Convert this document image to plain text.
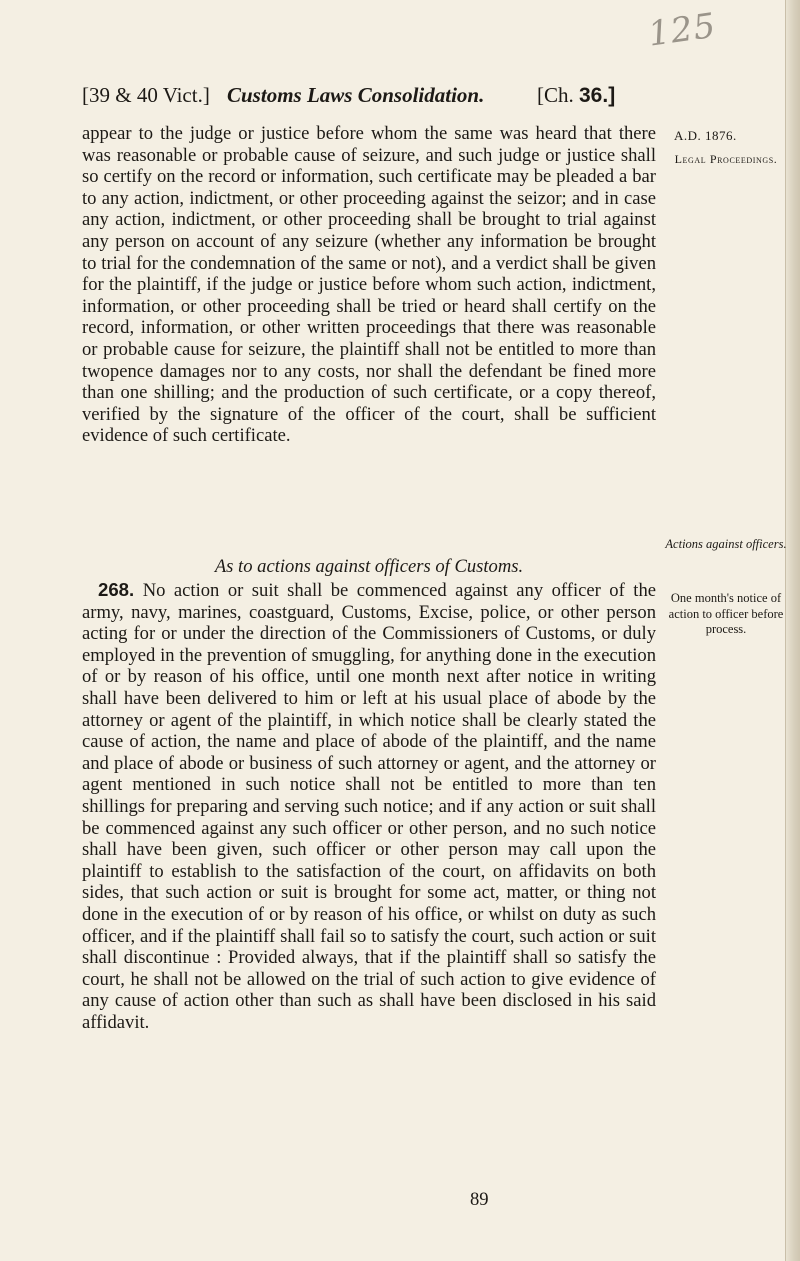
125
[39 & 40 Vict.] Customs Laws Consolidation.	[Ch. 36.]

appear to the judge or justice before whom the same was heard that there was reasonable or probable cause of seizure, and such judge or justice shall so certify on the record or information, such certificate may be pleaded a bar to any action, indictment, or other proceeding against the seizor; and in case any action, indictment, or other proceeding shall be brought to trial against any person on account of any seizure (whether any information be brought to trial for the condemnation of the same or not), and a verdict shall be given for the plaintiff, if the judge or justice before whom such action, indictment, information, or other proceeding shall be tried or heard shall certify on the record, information, or other written proceedings that there was reasonable or probable cause for seizure, the plaintiff shall not be entitled to more than twopence damages nor to any costs, nor shall the defendant be fined more than one shilling; and the production of such certificate, or a copy thereof, verified by the signature of the officer of the court, shall be sufficient evidence of such certificate.

As to actions against officers of Customs.

268. No action or suit shall be commenced against any officer of the army, navy, marines, coastguard, Customs, Excise, police, or other person acting for or under the direction of the Commissioners of Customs, or duly employed in the prevention of smuggling, for anything done in the execution of or by reason of his office, until one month next after notice in writing shall have been delivered to him or left at his usual place of abode by the attorney or agent of the plaintiff, in which notice shall be clearly stated the cause of action, the name and place of abode of the plaintiff, and the name and place of abode or business of such attorney or agent, and the attorney or agent mentioned in such notice shall not be entitled to more than ten shillings for preparing and serving such notice; and if any action or suit shall be commenced against any such officer or other person, and no such notice shall have been given, such officer or other person may call upon the plaintiff to establish to the satisfaction of the court, on affidavits on both sides, that such action or suit is brought for some act, matter, or thing not done in the execution of or by reason of his office, or whilst on duty as such officer, and if the plaintiff shall fail so to satisfy the court, such action or suit shall discontinue : Provided always, that if the plaintiff shall so satisfy the court, he shall not be allowed on the trial of such action to give evidence of any cause of action other than such as shall have been disclosed in his said affidavit.

A.D. 1876.
Legal Proceedings.
Actions against officers.
One month's notice of action to officer before process.
89
